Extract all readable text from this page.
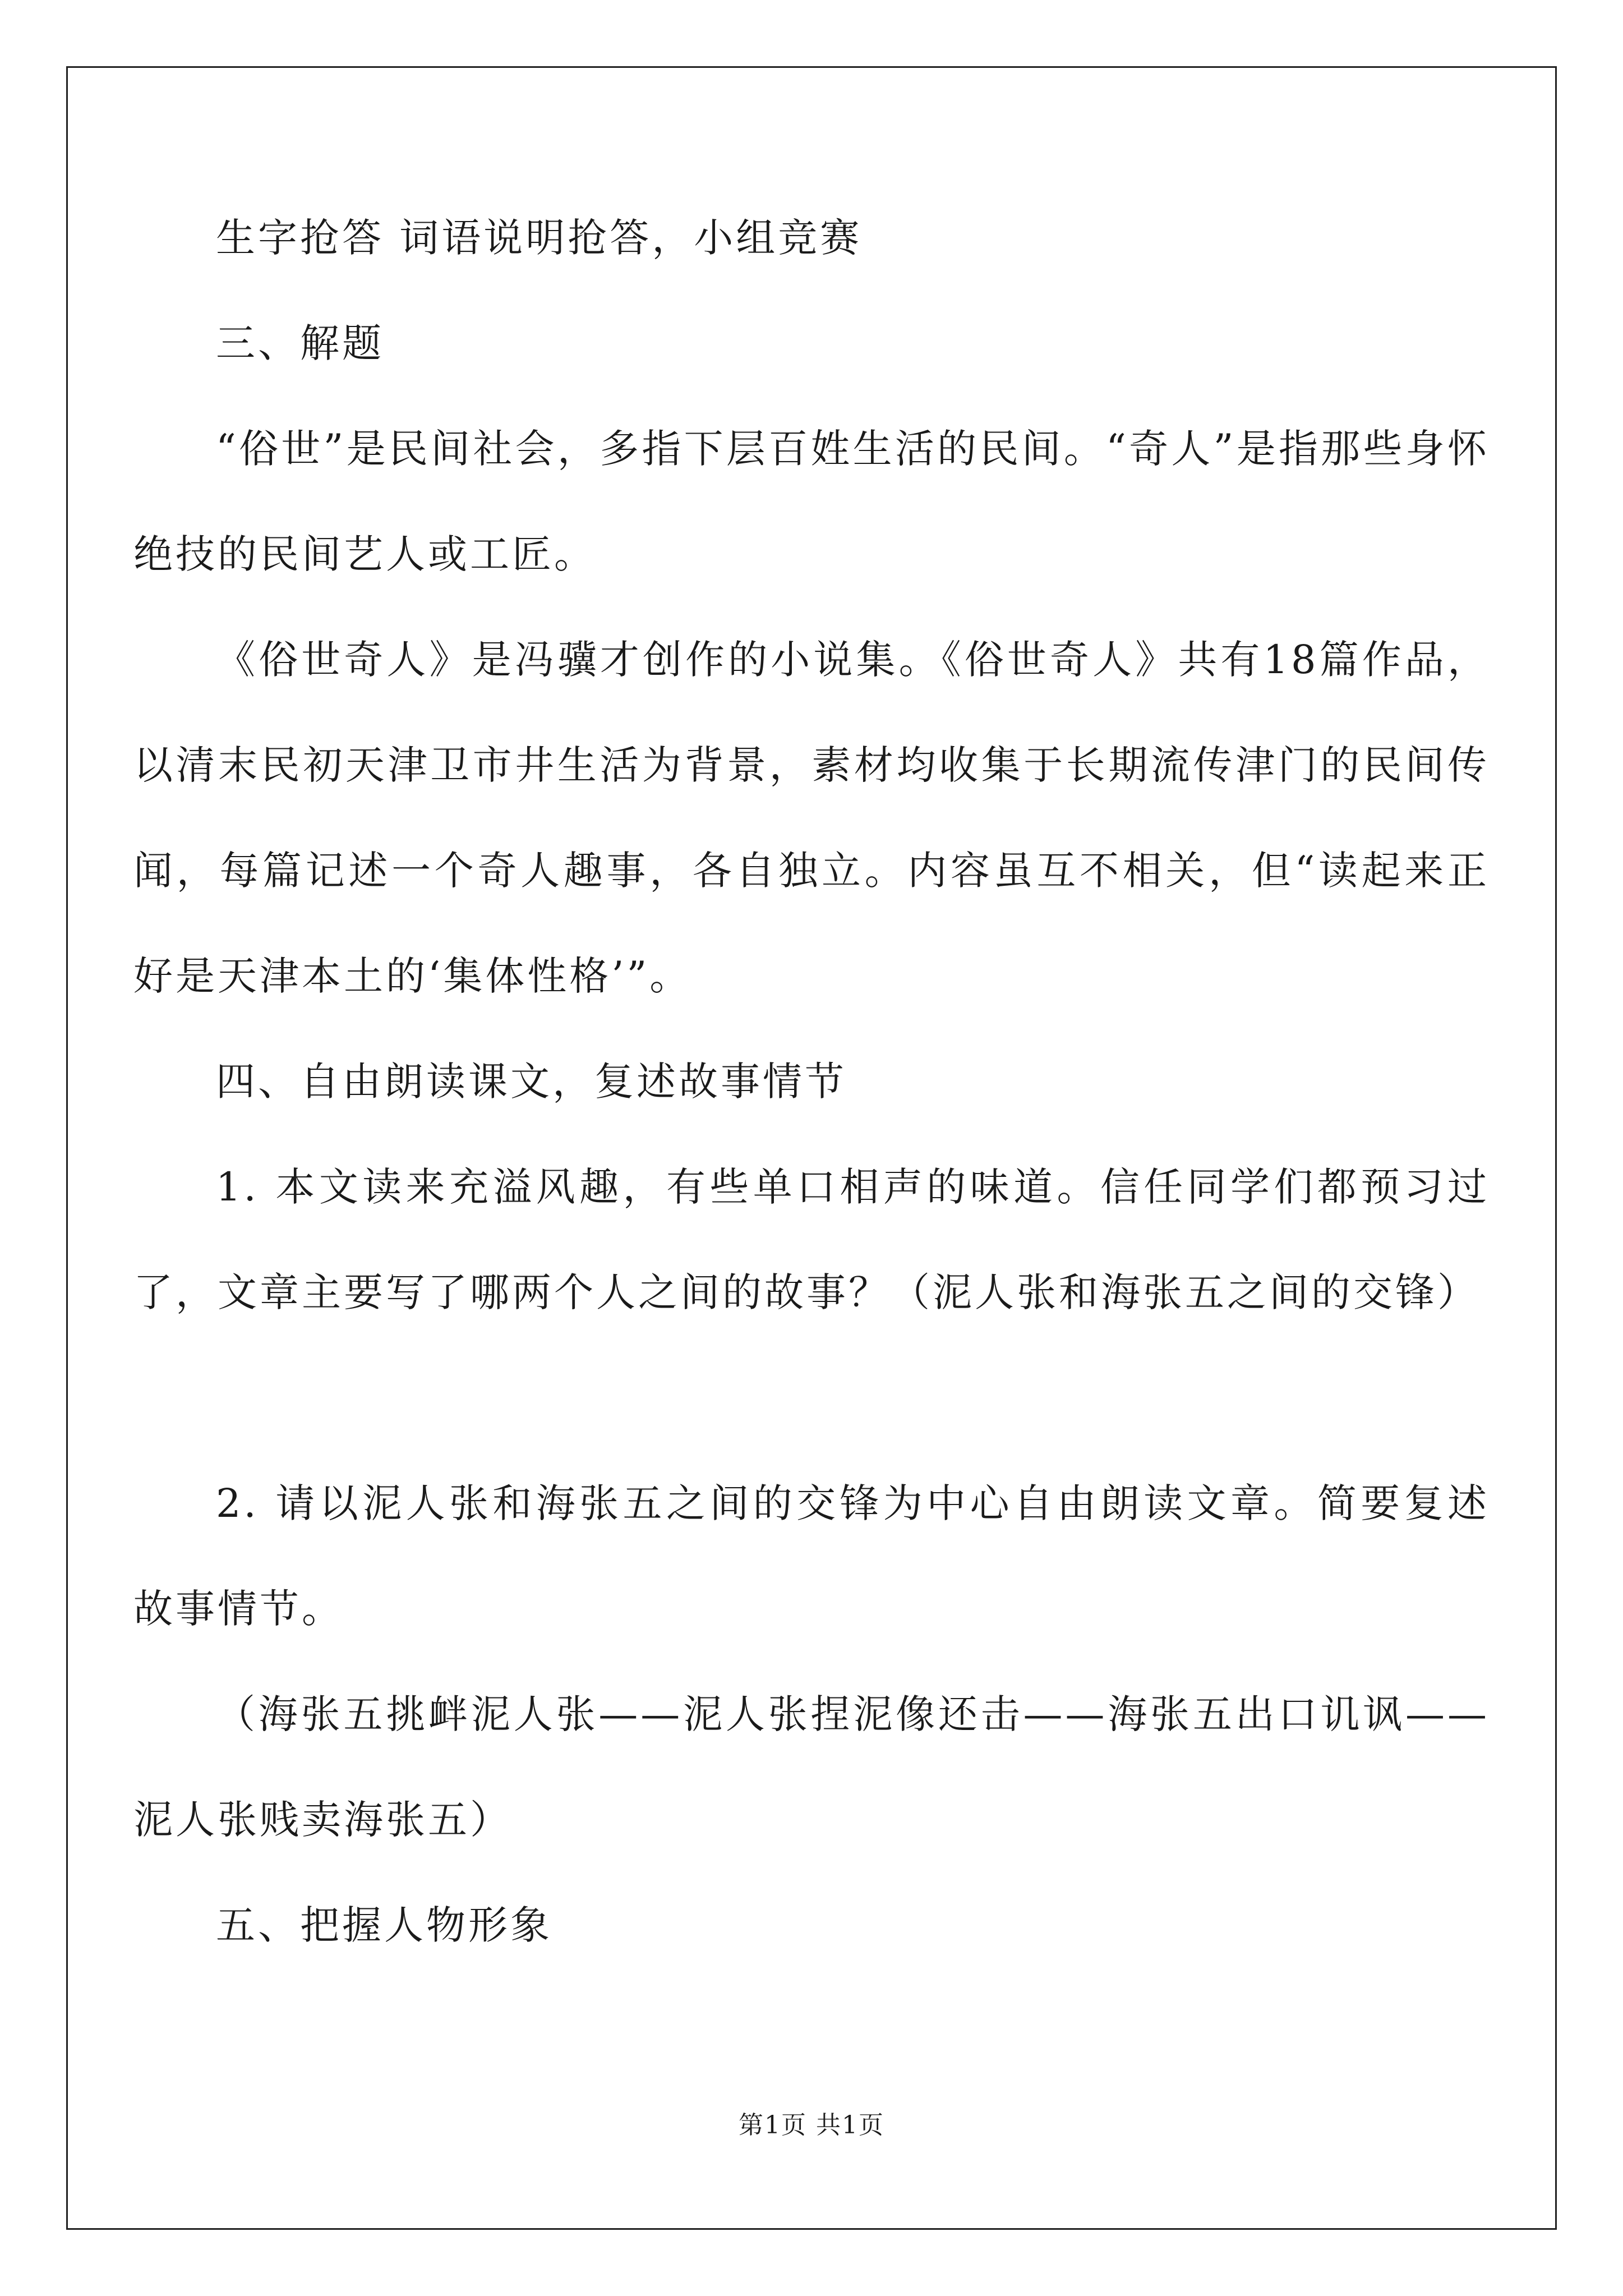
生字抢答 词语说明抢答，小组竞赛

三、解题

“俗世”是民间社会，多指下层百姓生活的民间。“奇人”是指那些身怀绝技的民间艺人或工匠。

《俗世奇人》是冯骥才创作的小说集。《俗世奇人》共有18篇作品，以清末民初天津卫市井生活为背景，素材均收集于长期流传津门的民间传闻，每篇记述一个奇人趣事，各自独立。内容虽互不相关，但“读起来正好是天津本土的‘集体性格’”。

四、自由朗读课文，复述故事情节

1. 本文读来充溢风趣，有些单口相声的味道。信任同学们都预习过了，文章主要写了哪两个人之间的故事？（泥人张和海张五之间的交锋）

2. 请以泥人张和海张五之间的交锋为中心自由朗读文章。简要复述故事情节。

（海张五挑衅泥人张——泥人张捏泥像还击——海张五出口讥讽——泥人张贱卖海张五）

五、把握人物形象

第1页 共1页
